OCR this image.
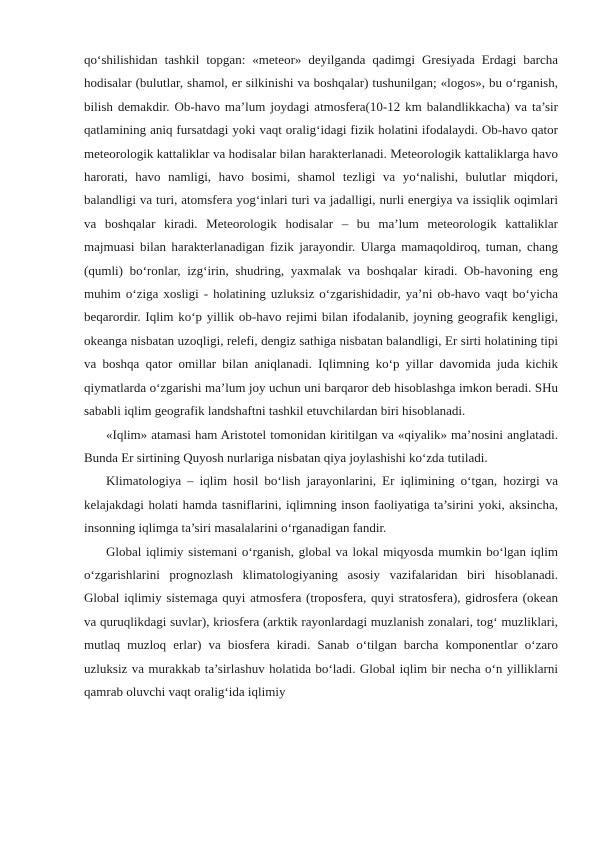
qo‘shilishidan tashkil topgan: «meteor» deyilganda qadimgi Gresiyada Erdagi barcha hodisalar (bulutlar, shamol, er silkinishi va boshqalar) tushunilgan; «logos», bu o‘rganish, bilish demakdir. Ob-havo ma’lum joydagi atmosfera(10-12 km balandlikkacha) va ta’sir qatlamining aniq fursatdagi yoki vaqt oralig‘idagi fizik holatini ifodalaydi. Ob-havo qator meteorologik kattaliklar va hodisalar bilan harakterlanadi. Meteorologik kattaliklarga havo harorati, havo namligi, havo bosimi, shamol tezligi va yo‘nalishi, bulutlar miqdori, balandligi va turi, atomsfera yog‘inlari turi va jadalligi, nurli energiya va issiqlik oqimlari va boshqalar kiradi. Meteorologik hodisalar – bu ma’lum meteorologik kattaliklar majmuasi bilan harakterlanadigan fizik jarayondir. Ularga mamaqoldiroq, tuman, chang (qumli) bo‘ronlar, izg‘irin, shudring, yaxmalak va boshqalar kiradi. Ob-havoning eng muhim o‘ziga xosligi - holatining uzluksiz o‘zgarishidadir, ya’ni ob-havo vaqt bo‘yicha beqarordir. Iqlim ko‘p yillik ob-havo rejimi bilan ifodalanib, joyning geografik kengligi, okeanga nisbatan uzoqligi, relefi, dengiz sathiga nisbatan balandligi, Er sirti holatining tipi va boshqa qator omillar bilan aniqlanadi. Iqlimning ko‘p yillar davomida juda kichik qiymatlarda o‘zgarishi ma’lum joy uchun uni barqaror deb hisoblashga imkon beradi. SHu sababli iqlim geografik landshaftni tashkil etuvchilardan biri hisoblanadi.

«Iqlim» atamasi ham Aristotel tomonidan kiritilgan va «qiyalik» ma’nosini anglatadi. Bunda Er sirtining Quyosh nurlariga nisbatan qiya joylashishi ko‘zda tutiladi.

Klimatologiya – iqlim hosil bo‘lish jarayonlarini, Er iqlimining o‘tgan, hozirgi va kelajakdagi holati hamda tasniflarini, iqlimning inson faoliyatiga ta’sirini yoki, aksincha, insonning iqlimga ta’siri masalalarini o‘rganadigan fandir.

Global iqlimiy sistemani o‘rganish, global va lokal miqyosda mumkin bo‘lgan iqlim o‘zgarishlarini prognozlash klimatologiyaning asosiy vazifalaridan biri hisoblanadi. Global iqlimiy sistemaga quyi atmosfera (troposfera, quyi stratosfera), gidrosfera (okean va quruqlikdagi suvlar), kriosfera (arktik rayonlardagi muzlanish zonalari, tog‘ muzliklari, mutlaq muzloq erlar) va biosfera kiradi. Sanab o‘tilgan barcha komponentlar o‘zaro uzluksiz va murakkab ta’sirlashuv holatida bo‘ladi. Global iqlim bir necha o‘n yilliklarni qamrab oluvchi vaqt oralig‘ida iqlimiy
